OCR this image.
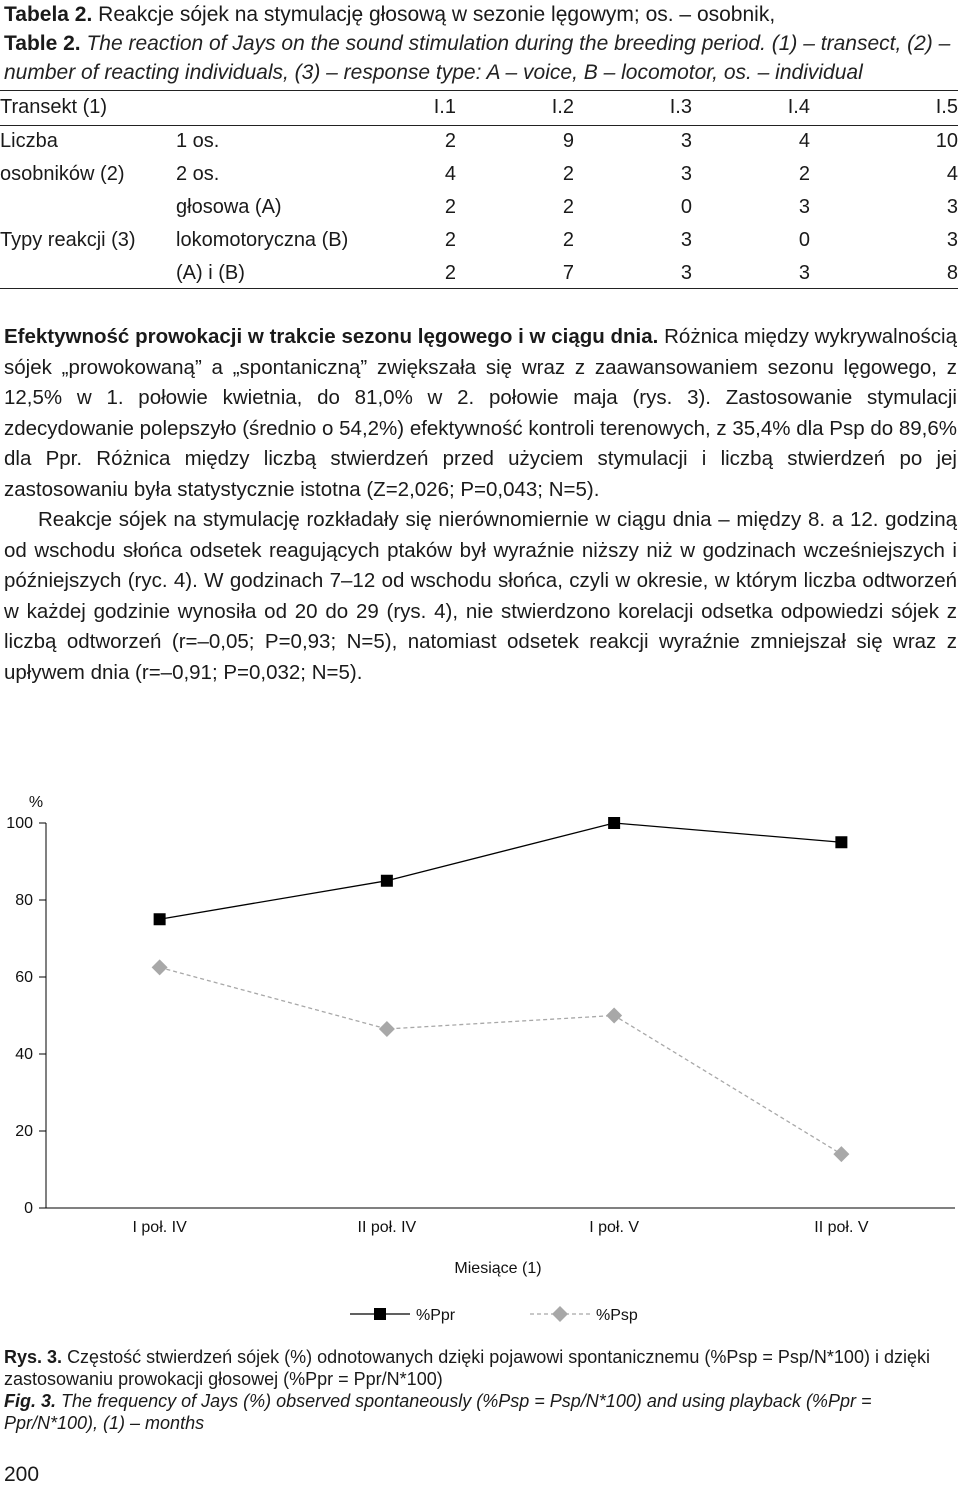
Tabela 2. Reakcje sójek na stymulację głosową w sezonie lęgowym; os. – osobnik,
Table 2. The reaction of Jays on the sound stimulation during the breeding period. (1) – transect, (2) – number of reacting individuals, (3) – response type: A – voice, B – locomotor, os. – individual
Transekt (1)		I.1	I.2	I.3	I.4	I.5
Liczba	1 os.	2	9	3	4	10
osobników (2)	2 os.	4	2	3	2	4
	głosowa (A)	2	2	0	3	3
Typy reakcji (3)	lokomotoryczna (B)	2	2	3	0	3
	(A) i (B)	2	7	3	3	8

Efektywność prowokacji w trakcie sezonu lęgowego i w ciągu dnia. Różnica między wykrywalnością sójek „prowokowaną” a „spontaniczną” zwiększała się wraz z zaawansowaniem sezonu lęgowego, z 12,5% w 1. połowie kwietnia, do 81,0% w 2. połowie maja (rys. 3). Zastosowanie stymulacji zdecydowanie polepszyło (średnio o 54,2%) efektywność kontroli terenowych, z 35,4% dla Psp do 89,6% dla Ppr. Różnica między liczbą stwierdzeń przed użyciem stymulacji i liczbą stwierdzeń po jej zastosowaniu była statystycznie istotna (Z=2,026; P=0,043; N=5).

Reakcje sójek na stymulację rozkładały się nierównomiernie w ciągu dnia – między 8. a 12. godziną od wschodu słońca odsetek reagujących ptaków był wyraźnie niższy niż w godzinach wcześniejszych i późniejszych (ryc. 4). W godzinach 7–12 od wschodu słońca, czyli w okresie, w którym liczba odtworzeń w każdej godzinie wynosiła od 20 do 29 (rys. 4), nie stwierdzono korelacji odsetka odpowiedzi sójek z liczbą odtworzeń (r=–0,05; P=0,93; N=5), natomiast odsetek reakcji wyraźnie zmniejszał się wraz z upływem dnia (r=–0,91; P=0,032; N=5).

0
20
40
60
80
100
%
I poł. IV	II poł. IV	I poł. V	II poł. V
Miesiące (1)
%Ppr	%Psp
Rys. 3. Częstość stwierdzeń sójek (%) odnotowanych dzięki pojawowi spontanicznemu (%Psp = Psp/N*100) i dzięki zastosowaniu prowokacji głosowej (%Ppr = Ppr/N*100)
Fig. 3. The frequency of Jays (%) observed spontaneously (%Psp = Psp/N*100) and using playback (%Ppr = Ppr/N*100), (1) – months
200
